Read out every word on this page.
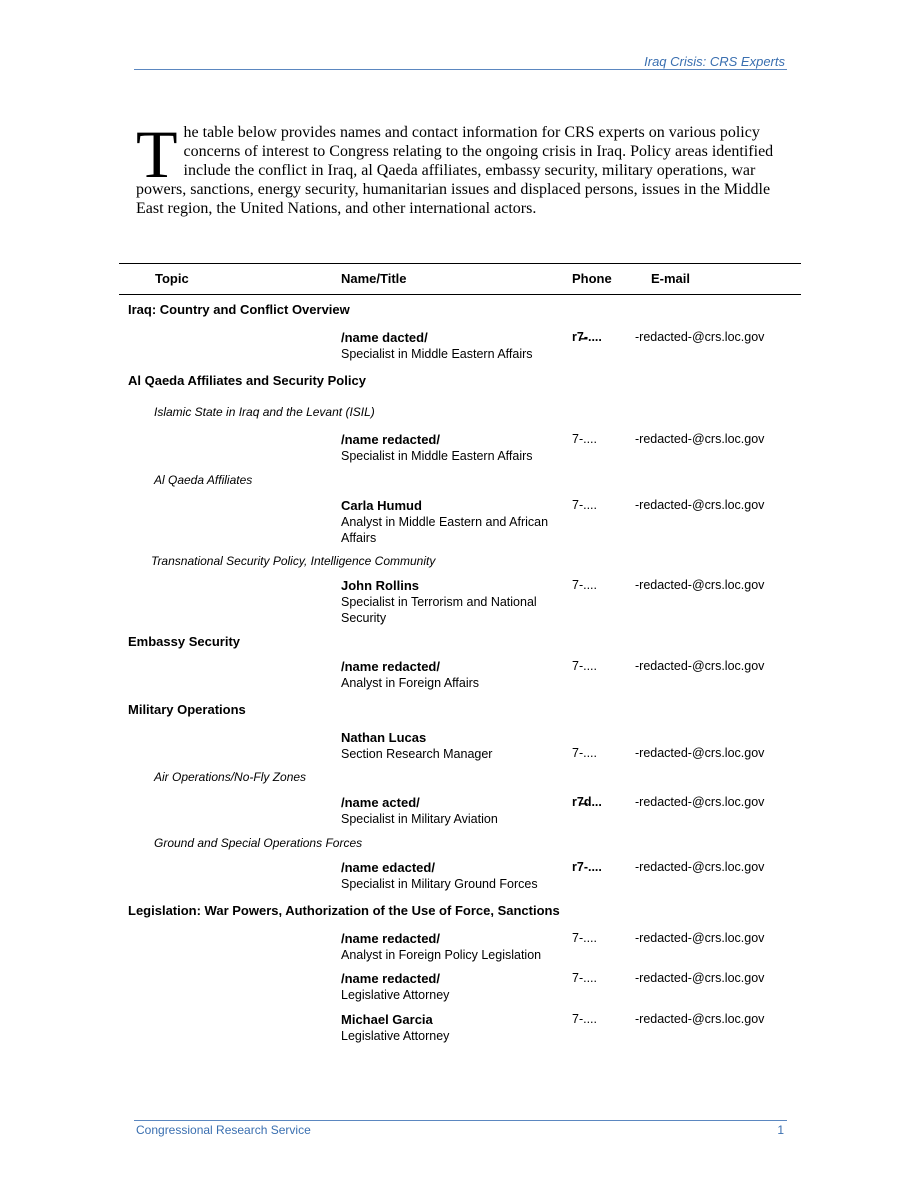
Iraq Crisis: CRS Experts
T he table below provides names and contact information for CRS experts on various policy concerns of interest to Congress relating to the ongoing crisis in Iraq. Policy areas identified include the conflict in Iraq, al Qaeda affiliates, embassy security, military operations, war powers, sanctions, energy security, humanitarian issues and displaced persons, issues in the Middle East region, the United Nations, and other international actors.
Topic	Name/Title	Phone	E-mail
Iraq: Country and Conflict Overview
/name dacted/	r7̶-....	-redacted-@crs.loc.gov
Specialist in Middle Eastern Affairs
Al Qaeda Affiliates and Security Policy
Islamic State in Iraq and the Levant (ISIL)
/name redacted/	7-....	-redacted-@crs.loc.gov
Specialist in Middle Eastern Affairs
Al Qaeda Affiliates
Carla Humud	7-....	-redacted-@crs.loc.gov
Analyst in Middle Eastern and African Affairs
Transnational Security Policy, Intelligence Community
John Rollins	7-....	-redacted-@crs.loc.gov
Specialist in Terrorism and National Security
Embassy Security
/name redacted/	7-....	-redacted-@crs.loc.gov
Analyst in Foreign Affairs
Military Operations
Nathan Lucas
Section Research Manager	7-....	-redacted-@crs.loc.gov
Air Operations/No-Fly Zones
/name acted/	r7̶d...	-redacted-@crs.loc.gov
Specialist in Military Aviation
Ground and Special Operations Forces
/name edacted/	r7-....	-redacted-@crs.loc.gov
Specialist in Military Ground Forces
Legislation: War Powers, Authorization of the Use of Force, Sanctions
/name redacted/	7-....	-redacted-@crs.loc.gov
Analyst in Foreign Policy Legislation
/name redacted/	7-....	-redacted-@crs.loc.gov
Legislative Attorney
Michael Garcia	7-....	-redacted-@crs.loc.gov
Legislative Attorney
Congressional Research Service	1
